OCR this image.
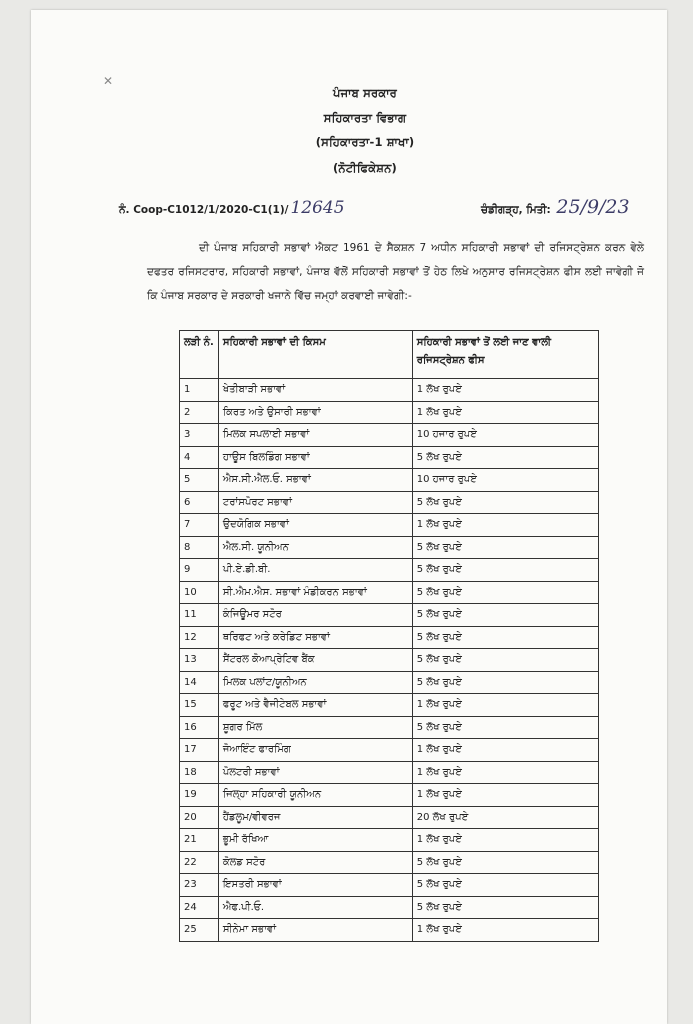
✕
ਪੰਜਾਬ ਸਰਕਾਰ
ਸਹਿਕਾਰਤਾ ਵਿਭਾਗ
(ਸਹਿਕਾਰਤਾ-1 ਸ਼ਾਖਾ)
(ਨੋਟੀਫਿਕੇਸ਼ਨ)
ਨੰ. Coop-C1012/1/2020-C1(1)/ 12645	ਚੰਡੀਗੜ੍ਹ, ਮਿਤੀ: 25/9/23
ਦੀ ਪੰਜਾਬ ਸਹਿਕਾਰੀ ਸਭਾਵਾਂ ਐਕਟ 1961 ਦੇ ਸੈਕਸ਼ਨ 7 ਅਧੀਨ ਸਹਿਕਾਰੀ ਸਭਾਵਾਂ ਦੀ ਰਜਿਸਟ੍ਰੇਸ਼ਨ ਕਰਨ ਵੇਲੇ ਦਫਤਰ ਰਜਿਸਟਰਾਰ, ਸਹਿਕਾਰੀ ਸਭਾਵਾਂ, ਪੰਜਾਬ ਵੱਲੋਂ ਸਹਿਕਾਰੀ ਸਭਾਵਾਂ ਤੋਂ ਹੇਠ ਲਿਖੇ ਅਨੁਸਾਰ ਰਜਿਸਟ੍ਰੇਸ਼ਨ ਫੀਸ ਲਈ ਜਾਵੇਗੀ ਜੋ ਕਿ ਪੰਜਾਬ ਸਰਕਾਰ ਦੇ ਸਰਕਾਰੀ ਖਜਾਨੇ ਵਿੱਚ ਜਮ੍ਹਾਂ ਕਰਵਾਈ ਜਾਵੇਗੀ:-
ਲੜੀ ਨੰ.	ਸਹਿਕਾਰੀ ਸਭਾਵਾਂ ਦੀ ਕਿਸਮ	ਸਹਿਕਾਰੀ ਸਭਾਵਾਂ ਤੋਂ ਲਈ ਜਾਣ ਵਾਲੀ ਰਜਿਸਟ੍ਰੇਸ਼ਨ ਫੀਸ
1	ਖੇਤੀਬਾੜੀ ਸਭਾਵਾਂ	1 ਲੱਖ ਰੁਪਏ
2	ਕਿਰਤ ਅਤੇ ਉਸਾਰੀ ਸਭਾਵਾਂ	1 ਲੱਖ ਰੁਪਏ
3	ਮਿਲਕ ਸਪਲਾਈ ਸਭਾਵਾਂ	10 ਹਜਾਰ ਰੁਪਏ
4	ਹਾਊਸ ਬਿਲਡਿੰਗ ਸਭਾਵਾਂ	5 ਲੱਖ ਰੁਪਏ
5	ਐਸ.ਸੀ.ਐਲ.ਓ. ਸਭਾਵਾਂ	10 ਹਜਾਰ ਰੁਪਏ
6	ਟਰਾਂਸਪੋਰਟ ਸਭਾਵਾਂ	5 ਲੱਖ ਰੁਪਏ
7	ਉਦਯੋਗਿਕ ਸਭਾਵਾਂ	1 ਲੱਖ ਰੁਪਏ
8	ਐਲ.ਸੀ. ਯੂਨੀਅਨ	5 ਲੱਖ ਰੁਪਏ
9	ਪੀ.ਏ.ਡੀ.ਬੀ.	5 ਲੱਖ ਰੁਪਏ
10	ਸੀ.ਐਮ.ਐਸ. ਸਭਾਵਾਂ ਮੰਡੀਕਰਨ ਸਭਾਵਾਂ	5 ਲੱਖ ਰੁਪਏ
11	ਕੰਜਿਊਮਰ ਸਟੋਰ	5 ਲੱਖ ਰੁਪਏ
12	ਥਰਿਫਟ ਅਤੇ ਕਰੇਡਿਟ ਸਭਾਵਾਂ	5 ਲੱਖ ਰੁਪਏ
13	ਸੈਂਟਰਲ ਕੋਆਪ੍ਰੇਟਿਵ ਬੈਂਕ	5 ਲੱਖ ਰੁਪਏ
14	ਮਿਲਕ ਪਲਾਂਟ/ਯੂਨੀਅਨ	5 ਲੱਖ ਰੁਪਏ
15	ਫਰੂਟ ਅਤੇ ਵੈਜੀਟੇਬਲ ਸਭਾਵਾਂ	1 ਲੱਖ ਰੁਪਏ
16	ਸ਼ੂਗਰ ਮਿੱਲ	5 ਲੱਖ ਰੁਪਏ
17	ਜੋਆਇੰਟ ਫਾਰਮਿੰਗ	1 ਲੱਖ ਰੁਪਏ
18	ਪੋਲਟਰੀ ਸਭਾਵਾਂ	1 ਲੱਖ ਰੁਪਏ
19	ਜਿਲ੍ਹਾ ਸਹਿਕਾਰੀ ਯੂਨੀਅਨ	1 ਲੱਖ ਰੁਪਏ
20	ਹੈਂਡਲੂਮ/ਵੀਵਰਜ	20 ਲੱਖ ਰੁਪਏ
21	ਭੂਮੀ ਰੱਖਿਆ	1 ਲੱਖ ਰੁਪਏ
22	ਕੋਲਡ ਸਟੋਰ	5 ਲੱਖ ਰੁਪਏ
23	ਇਸਤਰੀ ਸਭਾਵਾਂ	5 ਲੱਖ ਰੁਪਏ
24	ਐਫ.ਪੀ.ਓ.	5 ਲੱਖ ਰੁਪਏ
25	ਸੀਨੇਮਾ ਸਭਾਵਾਂ	1 ਲੱਖ ਰੁਪਏ
